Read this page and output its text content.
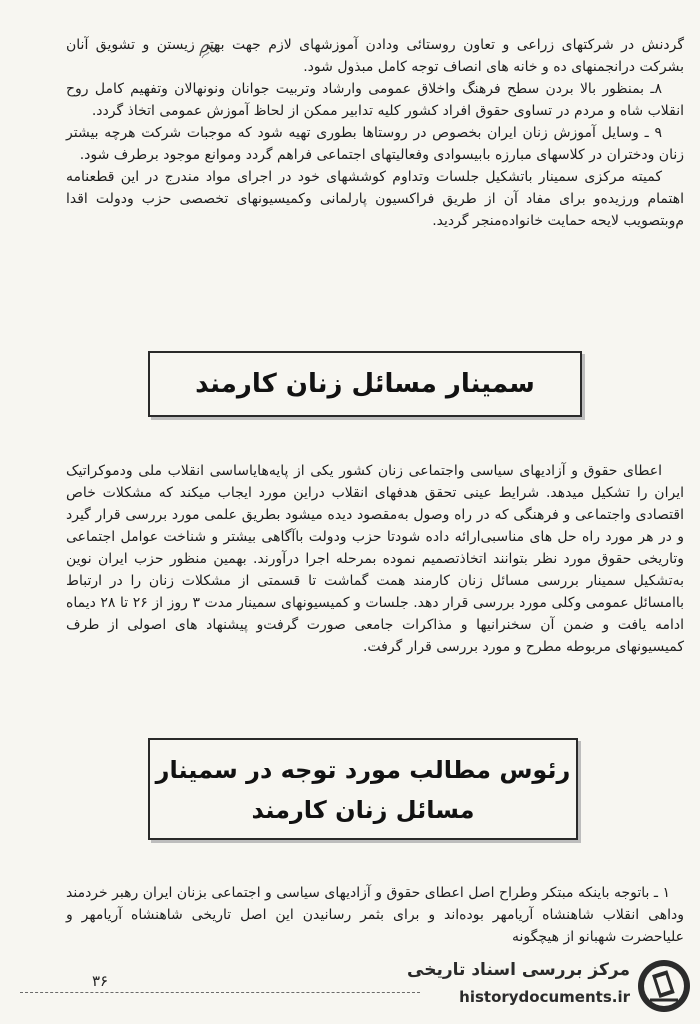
گردنش در شرکتهای زراعی و تعاون روستائی ودادن آموزشهای لازم جهت بهتر زیستن و تشویق آنان بشرکت درانجمنهای ده و خانه های انصاف توجه کامل مبذول شود.

۸ـ بمنظور بالا بردن سطح فرهنگ واخلاق عمومی وارشاد وتربیت جوانان ونونهالان وتفهیم کامل روح انقلاب شاه و مردم در تساوی حقوق افراد کشور کلیه تدابیر ممکن از لحاظ آموزش عمومی اتخاذ گردد.

۹ ـ وسایل آموزش زنان ایران بخصوص در روستاها بطوری تهیه شود که موجبات شرکت هرچه بیشتر زنان ودختران در کلاسهای مبارزه بابیسوادی وفعالیتهای اجتماعی فراهم گردد وموانع موجود برطرف شود.

کمیته مرکزی سمینار باتشکیل جلسات وتداوم کوششهای خود در اجرای مواد مندرج در این قطعنامه اهتمام ورزیده‌و برای مفاد آن از طریق فراکسیون پارلمانی وکمیسیونهای تخصصی حزب ودولت اقدا م‌وبتصویب لایحه حمایت خانواده‌منجر گردید.

سمینار مسائل زنان کارمند

اعطای حقوق و آزادیهای سیاسی واجتماعی زنان کشور یکی از پایه‌هایاساسی انقلاب ملی ودموکراتیک ایران را تشکیل میدهد. شرایط عینی تحقق هدفهای انقلاب دراین مورد ایجاب میکند که مشکلات خاص اقتصادی واجتماعی و فرهنگی که در راه وصول به‌مقصود دیده میشود بطریق علمی مورد بررسی قرار گیرد و در هر مورد راه حل های مناسبی‌ارائه داده شودتا حزب ودولت باآگاهی بیشتر و شناخت عوامل اجتماعی وتاریخی حقوق مورد نظر بتوانند اتخاذتصمیم نموده بمرحله اجرا درآورند. بهمین منظور حزب ایران نوین به‌تشکیل سمینار بررسی مسائل زنان کارمند همت گماشت تا قسمتی از مشکلات زنان را در ارتباط باامسائل عمومی وکلی مورد بررسی قرار دهد. جلسات و کمیسیونهای سمینار مدت ۳ روز از ۲۶ تا ۲۸ دیماه ادامه یافت و ضمن آن سخنرانیها و مذاکرات جامعی صورت گرفت‌و پیشنهاد های اصولی از طرف کمیسیونهای مربوطه مطرح و مورد بررسی قرار گرفت.

رئوس مطالب مورد توجه در سمینار
مسائل زنان کارمند

۱ ـ باتوجه باینکه مبتکر وطراح اصل اعطای حقوق و آزادیهای سیاسی و اجتماعی بزنان ایران رهبر خردمند وداهی انقلاب شاهنشاه آریامهر بوده‌اند و برای بثمر رسانیدن این اصل تاریخی شاهنشاه آریامهر و علیاحضرت شهبانو از هیچگونه

۳۶
مرکز بررسی اسناد تاریخی
historydocuments.ir
